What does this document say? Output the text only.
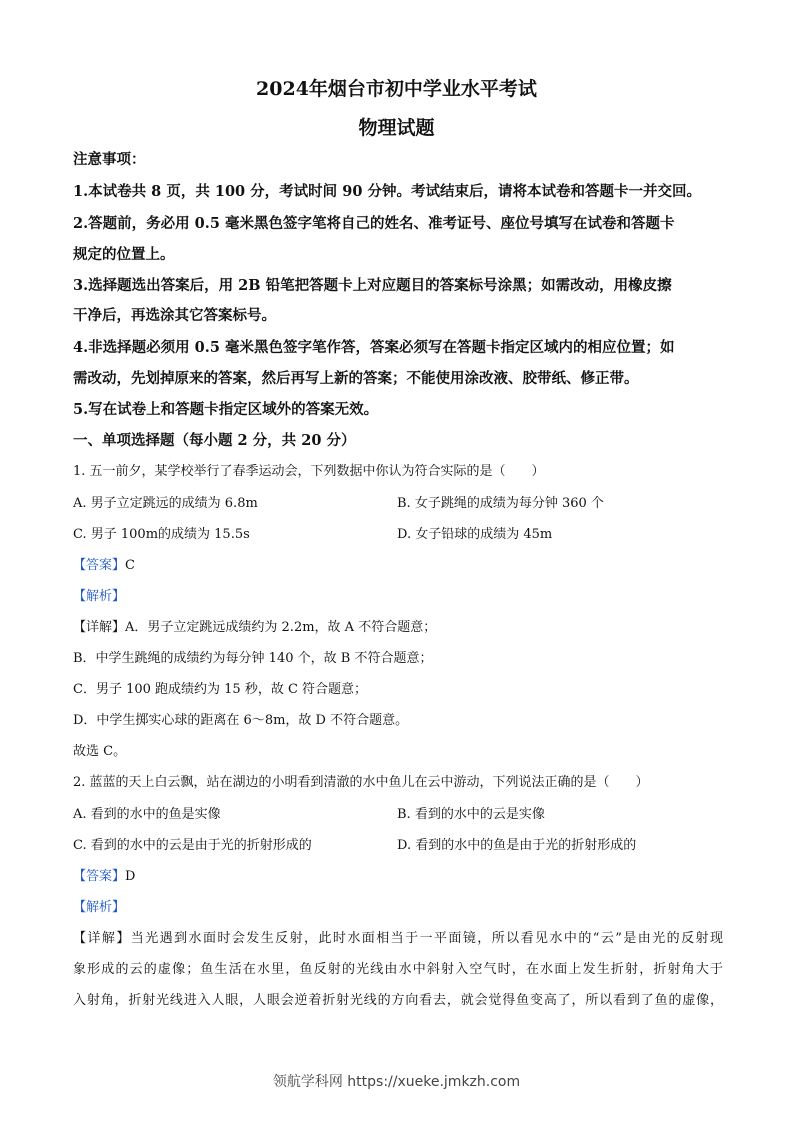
2024年烟台市初中学业水平考试
物理试题
注意事项：
1.本试卷共 8 页，共 100 分，考试时间 90 分钟。考试结束后，请将本试卷和答题卡一并交回。
2.答题前，务必用 0.5 毫米黑色签字笔将自己的姓名、准考证号、座位号填写在试卷和答题卡
规定的位置上。
3.选择题选出答案后，用 2B 铅笔把答题卡上对应题目的答案标号涂黑；如需改动，用橡皮擦
干净后，再选涂其它答案标号。
4.非选择题必须用 0.5 毫米黑色签字笔作答，答案必须写在答题卡指定区域内的相应位置；如
需改动，先划掉原来的答案，然后再写上新的答案；不能使用涂改液、胶带纸、修正带。
5.写在试卷上和答题卡指定区域外的答案无效。
一、单项选择题（每小题 2 分，共 20 分）
1. 五一前夕，某学校举行了春季运动会，下列数据中你认为符合实际的是（　　）
A. 男子立定跳远的成绩为 6.8m	B. 女子跳绳的成绩为每分钟 360 个
C. 男子 100m的成绩为 15.5s	D. 女子铅球的成绩为 45m
【答案】C
【解析】
【详解】A．男子立定跳远成绩约为 2.2m，故 A 不符合题意；
B．中学生跳绳的成绩约为每分钟 140 个，故 B 不符合题意；
C．男子 100 跑成绩约为 15 秒，故 C 符合题意；
D．中学生掷实心球的距离在 6～8m，故 D 不符合题意。
故选 C。
2. 蓝蓝的天上白云飘，站在湖边的小明看到清澈的水中鱼儿在云中游动，下列说法正确的是（　　）
A. 看到的水中的鱼是实像	B. 看到的水中的云是实像
C. 看到的水中的云是由于光的折射形成的	D. 看到的水中的鱼是由于光的折射形成的
【答案】D
【解析】
【详解】当光遇到水面时会发生反射，此时水面相当于一平面镜，所以看见水中的“云”是由光的反射现
象形成的云的虚像；鱼生活在水里，鱼反射的光线由水中斜射入空气时，在水面上发生折射，折射角大于
入射角，折射光线进入人眼，人眼会逆着折射光线的方向看去，就会觉得鱼变高了，所以看到了鱼的虚像，
领航学科网 https://xueke.jmkzh.com
